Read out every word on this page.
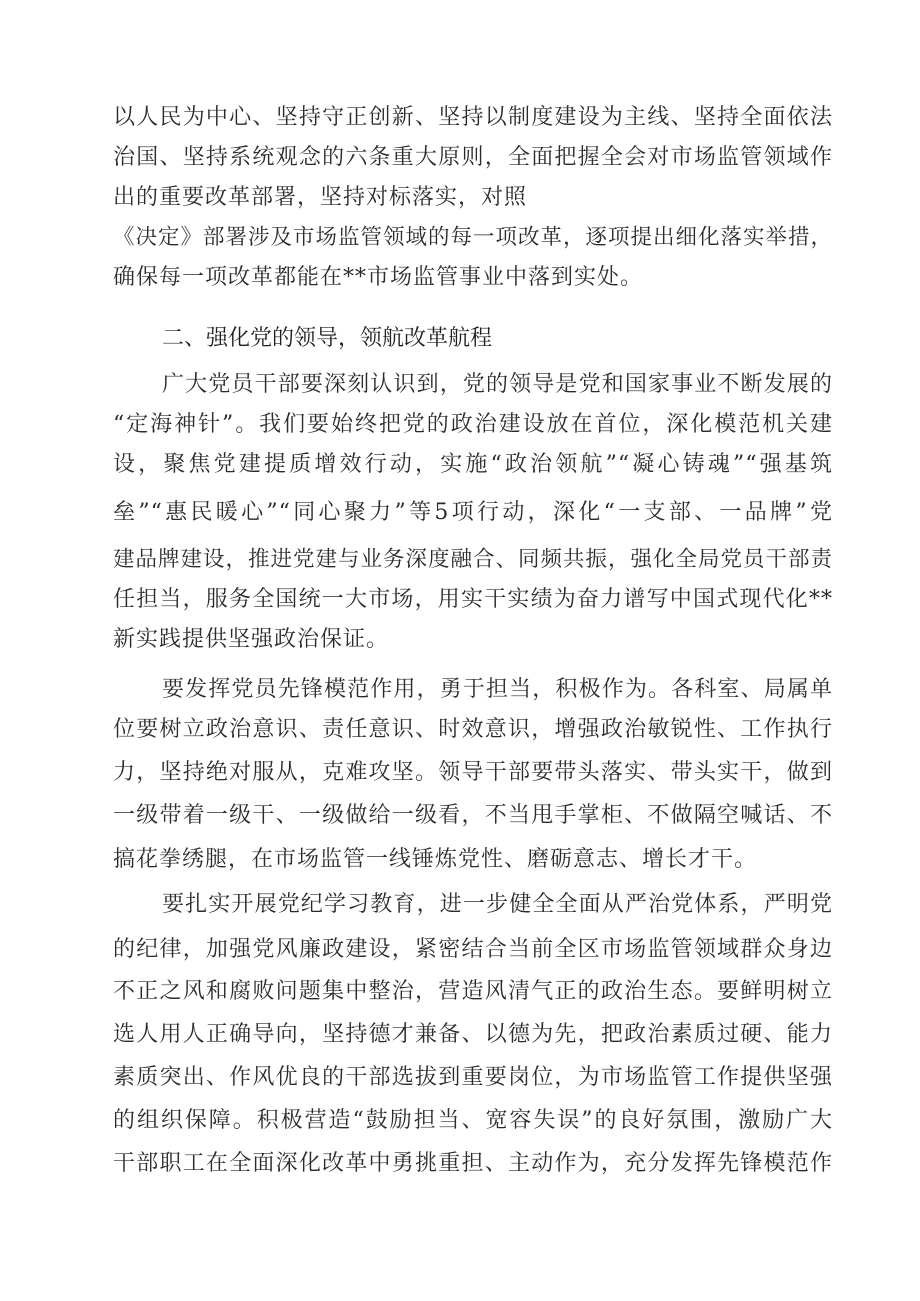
以人民为中心、坚持守正创新、坚持以制度建设为主线、坚持全面依法
治国、坚持系统观念的六条重大原则，全面把握全会对市场监管领域作
出的重要改革部署，坚持对标落实，对照
《决定》部署涉及市场监管领域的每一项改革，逐项提出细化落实举措，
确保每一项改革都能在**市场监管事业中落到实处。
二、强化党的领导，领航改革航程
广大党员干部要深刻认识到，党的领导是党和国家事业不断发展的
“定海神针”。我们要始终把党的政治建设放在首位，深化模范机关建
设，聚焦党建提质增效行动，实施“政治领航”“凝心铸魂”“强基筑
垒”“惠民暖心”“同心聚力”等5项行动，深化“一支部、一品牌”党
建品牌建设，推进党建与业务深度融合、同频共振，强化全局党员干部责
任担当，服务全国统一大市场，用实干实绩为奋力谱写中国式现代化**
新实践提供坚强政治保证。
要发挥党员先锋模范作用，勇于担当，积极作为。各科室、局属单
位要树立政治意识、责任意识、时效意识，增强政治敏锐性、工作执行
力，坚持绝对服从，克难攻坚。领导干部要带头落实、带头实干，做到
一级带着一级干、一级做给一级看，不当甩手掌柜、不做隔空喊话、不
搞花拳绣腿，在市场监管一线锤炼党性、磨砺意志、增长才干。
要扎实开展党纪学习教育，进一步健全全面从严治党体系，严明党
的纪律，加强党风廉政建设，紧密结合当前全区市场监管领域群众身边
不正之风和腐败问题集中整治，营造风清气正的政治生态。要鲜明树立
选人用人正确导向，坚持德才兼备、以德为先，把政治素质过硬、能力
素质突出、作风优良的干部选拔到重要岗位，为市场监管工作提供坚强
的组织保障。积极营造“鼓励担当、宽容失误”的良好氛围，激励广大
干部职工在全面深化改革中勇挑重担、主动作为，充分发挥先锋模范作
